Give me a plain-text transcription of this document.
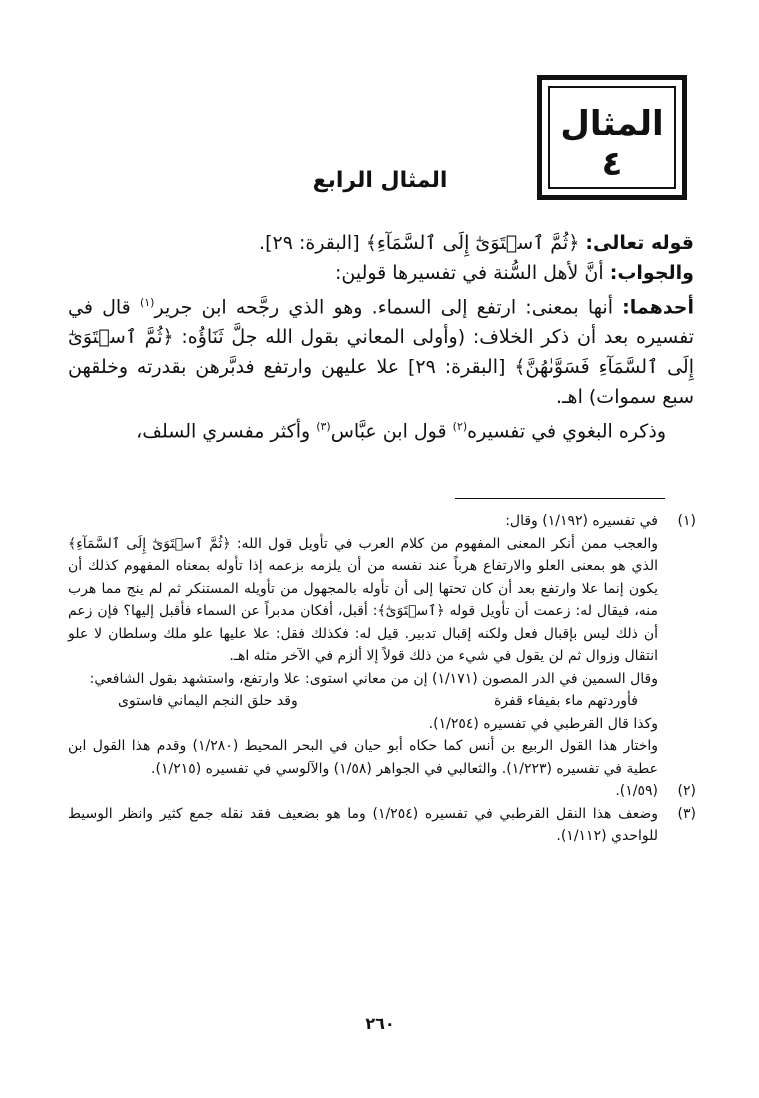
المثال
٤
المثال الرابع

قوله تعالى: ﴿ثُمَّ ٱسۡتَوَىٰٓ إِلَى ٱلسَّمَآءِ﴾ [البقرة: ٢٩].

والجواب: أنَّ لأهل السُّنة في تفسيرها قولين:

أحدهما: أنها بمعنى: ارتفع إلى السماء. وهو الذي رجَّحه ابن جرير$^{(١)}$ قال في تفسيره بعد أن ذكر الخلاف: (وأولى المعاني بقول الله جلَّ ثَنَاؤُه: ﴿ثُمَّ ٱسۡتَوَىٰٓ إِلَى ٱلسَّمَآءِ فَسَوَّىٰهُنَّ﴾ [البقرة: ٢٩] علا عليهن وارتفع فدبَّرهن بقدرته وخلقهن سبع سموات) اهـ.

وذكره البغوي في تفسيره$^{(٢)}$ قول ابن عبَّاس$^{(٣)}$ وأكثر مفسري السلف،

(١)

في تفسيره (١/١٩٢) وقال:

والعجب ممن أنكر المعنى المفهوم من كلام العرب في تأويل قول الله: ﴿ثُمَّ ٱسۡتَوَىٰٓ إِلَى ٱلسَّمَآءِ﴾ الذي هو بمعنى العلو والارتفاع هرباً عند نفسه من أن يلزمه بزعمه إذا تأوله بمعناه المفهوم كذلك أن يكون إنما علا وارتفع بعد أن كان تحتها إلى أن تأوله بالمجهول من تأويله المستنكر ثم لم ينج مما هرب منه، فيقال له: زعمت أن تأويل قوله ﴿ٱسۡتَوَىٰٓ﴾: أقبل، أفكان مدبراً عن السماء فأقبل إليها؟ فإن زعم أن ذلك ليس بإقبال فعل ولكنه إقبال تدبير. قيل له: فكذلك فقل: علا عليها علو ملك وسلطان لا علو انتقال وزوال ثم لن يقول في شيء من ذلك قولاً إلا ألزم في الآخر مثله اهـ.

وقال السمين في الدر المصون (١/١٧١) إن من معاني استوى: علا وارتفع، واستشهد بقول الشافعي:

فأوردتهم ماء بفيفاء قفرة
وقد حلق النجم اليماني فاستوى

وكذا قال القرطبي في تفسيره (١/٢٥٤).

واختار هذا القول الربيع بن أنس كما حكاه أبو حيان في البحر المحيط (١/٢٨٠) وقدم هذا القول ابن عطية في تفسيره (١/٢٢٣). والثعالبي في الجواهر (١/٥٨) والآلوسي في تفسيره (١/٢١٥).

(٢)
(١/٥٩).
(٣)
وضعف هذا النقل القرطبي في تفسيره (١/٢٥٤) وما هو بضعيف فقد نقله جمع كثير وانظر الوسيط للواحدي (١/١١٢).
٢٦٠
